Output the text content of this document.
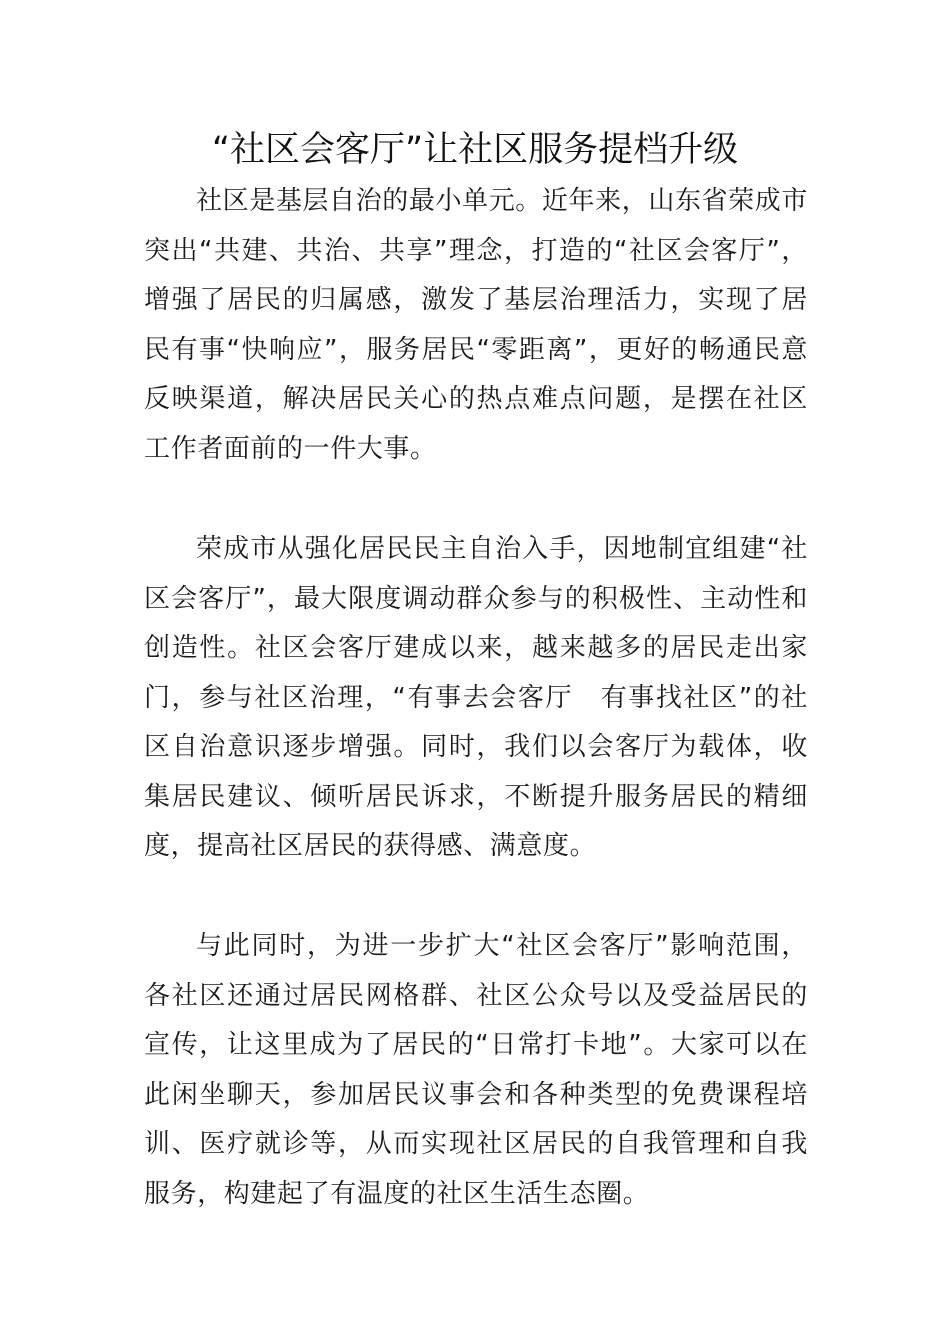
“社区会客厅”让社区服务提档升级

社区是基层自治的最小单元。近年来，山东省荣成市突出“共建、共治、共享”理念，打造的“社区会客厅”，增强了居民的归属感，激发了基层治理活力，实现了居民有事“快响应”，服务居民“零距离”，更好的畅通民意反映渠道，解决居民关心的热点难点问题，是摆在社区工作者面前的一件大事。

荣成市从强化居民民主自治入手，因地制宜组建“社区会客厅”，最大限度调动群众参与的积极性、主动性和创造性。社区会客厅建成以来，越来越多的居民走出家门，参与社区治理，“有事去会客厅　有事找社区”的社区自治意识逐步增强。同时，我们以会客厅为载体，收集居民建议、倾听居民诉求，不断提升服务居民的精细度，提高社区居民的获得感、满意度。

与此同时，为进一步扩大“社区会客厅”影响范围，各社区还通过居民网格群、社区公众号以及受益居民的宣传，让这里成为了居民的“日常打卡地”。大家可以在此闲坐聊天，参加居民议事会和各种类型的免费课程培训、医疗就诊等，从而实现社区居民的自我管理和自我服务，构建起了有温度的社区生活生态圈。
